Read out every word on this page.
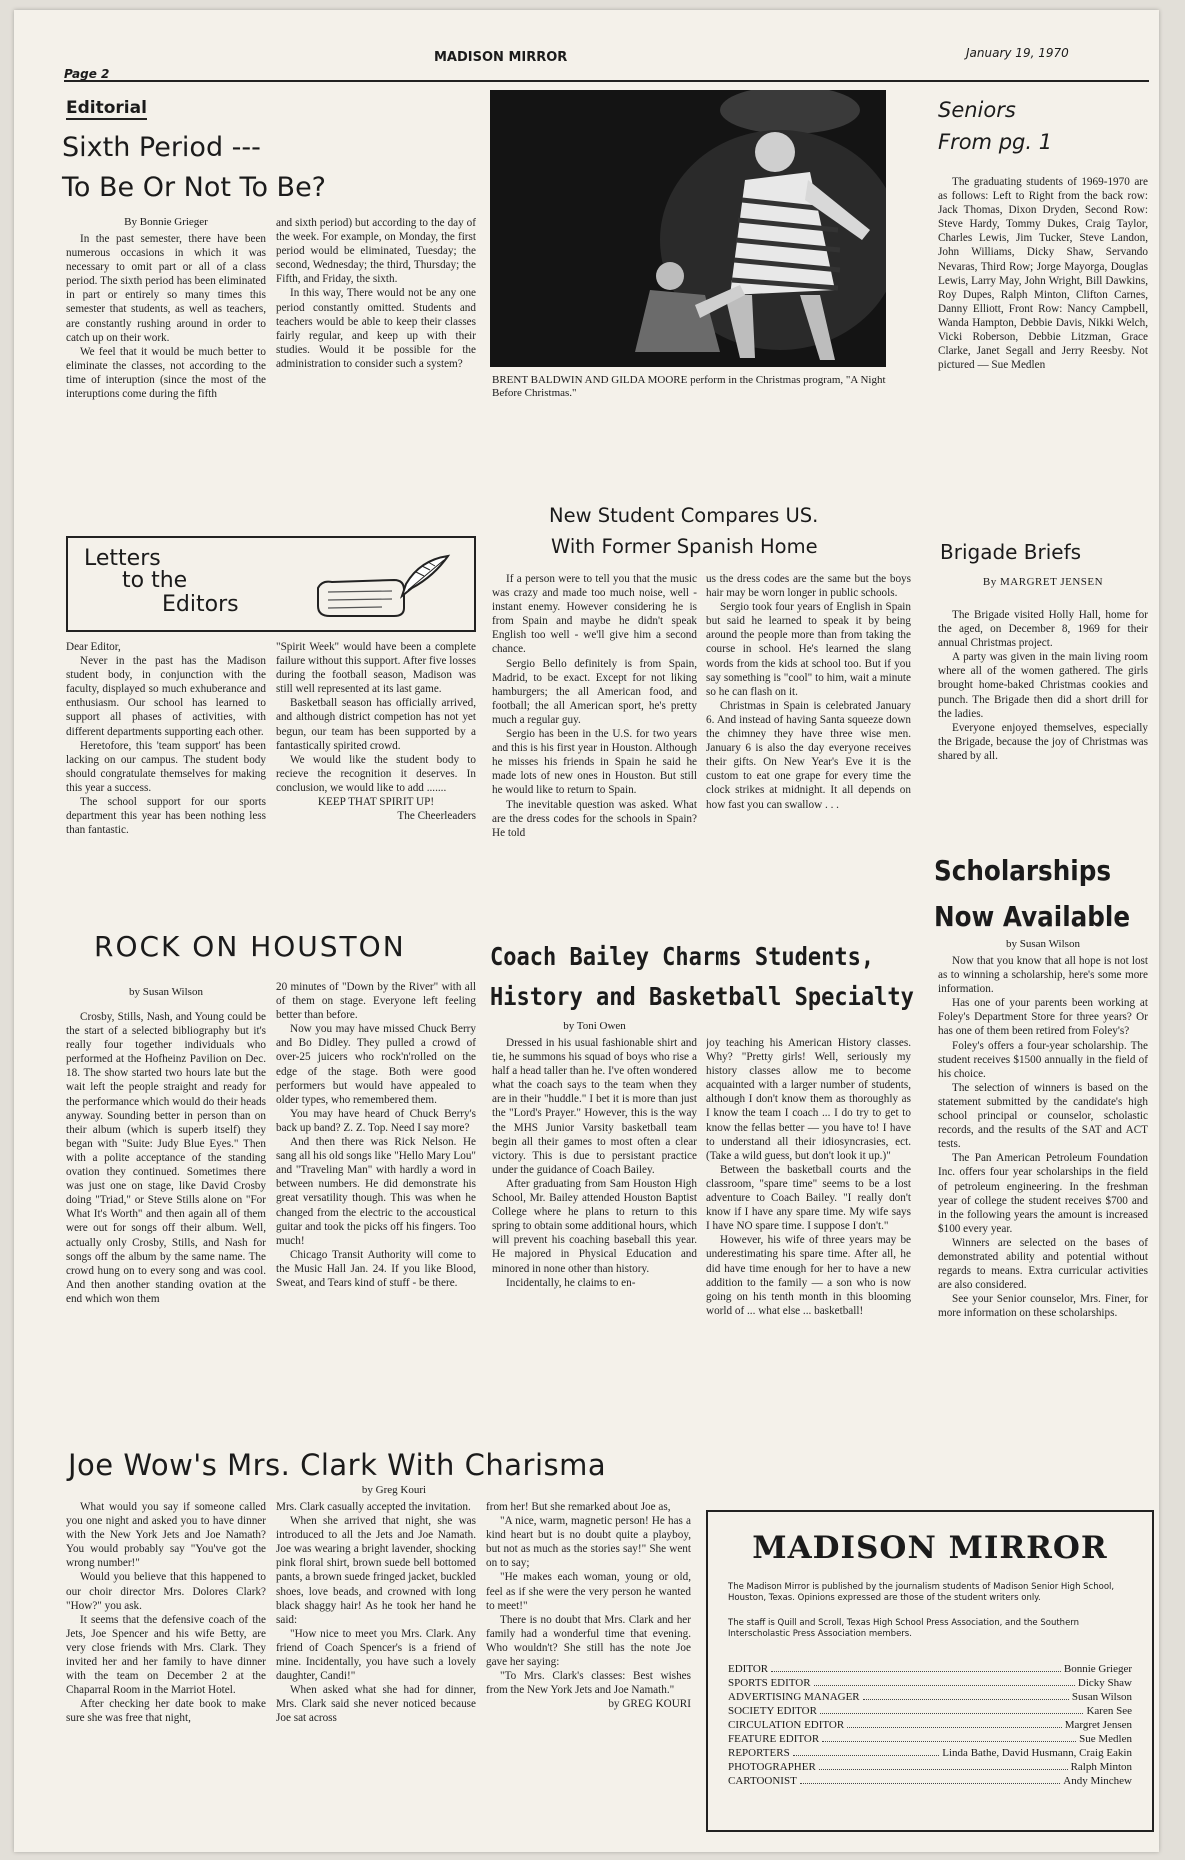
Page 2
MADISON MIRROR	January 19, 1970
Editorial
Sixth Period ---
To Be Or Not To Be?
By Bonnie Grieger

In the past semester, there have been numerous occasions in which it was necessary to omit part or all of a class period. The sixth period has been eliminated in part or entirely so many times this semester that students, as well as teachers, are constantly rushing around in order to catch up on their work.

We feel that it would be much better to eliminate the classes, not according to the time of interuption (since the most of the interuptions come during the fifth

and sixth period) but according to the day of the week. For example, on Monday, the first period would be eliminated, Tuesday; the second, Wednesday; the third, Thursday; the Fifth, and Friday, the sixth.

In this way, There would not be any one period constantly omitted. Students and teachers would be able to keep their classes fairly regular, and keep up with their studies. Would it be possible for the administration to consider such a system?

BRENT BALDWIN AND GILDA MOORE perform in the Christmas program, "A Night Before Christmas."
Seniors
From pg. 1

The graduating students of 1969-1970 are as follows: Left to Right from the back row: Jack Thomas, Dixon Dryden, Second Row: Steve Hardy, Tommy Dukes, Craig Taylor, Charles Lewis, Jim Tucker, Steve Landon, John Williams, Dicky Shaw, Servando Nevaras, Third Row; Jorge Mayorga, Douglas Lewis, Larry May, John Wright, Bill Dawkins, Roy Dupes, Ralph Minton, Clifton Carnes, Danny Elliott, Front Row: Nancy Campbell, Wanda Hampton, Debbie Davis, Nikki Welch, Vicki Roberson, Debbie Litzman, Grace Clarke, Janet Segall and Jerry Reesby. Not pictured — Sue Medlen

Letters
to the
Editors

Dear Editor,

Never in the past has the Madison student body, in conjunction with the faculty, displayed so much exhuberance and enthusiasm. Our school has learned to support all phases of activities, with different departments supporting each other.

Heretofore, this 'team support' has been lacking on our campus. The student body should congratulate themselves for making this year a success.

The school support for our sports department this year has been nothing less than fantastic.

"Spirit Week" would have been a complete failure without this support. After five losses during the football season, Madison was still well represented at its last game.

Basketball season has officially arrived, and although district competion has not yet begun, our team has been supported by a fantastically spirited crowd.

We would like the student body to recieve the recognition it deserves. In conclusion, we would like to add .......

KEEP THAT SPIRIT UP!

The Cheerleaders

New Student Compares US.
With Former Spanish Home

If a person were to tell you that the music was crazy and made too much noise, well - instant enemy. However considering he is from Spain and maybe he didn't speak English too well - we'll give him a second chance.

Sergio Bello definitely is from Spain, Madrid, to be exact. Except for not liking hamburgers; the all American food, and football; the all American sport, he's pretty much a regular guy.

Sergio has been in the U.S. for two years and this is his first year in Houston. Although he misses his friends in Spain he said he made lots of new ones in Houston. But still he would like to return to Spain.

The inevitable question was asked. What are the dress codes for the schools in Spain? He told

us the dress codes are the same but the boys hair may be worn longer in public schools.

Sergio took four years of English in Spain but said he learned to speak it by being around the people more than from taking the course in school. He's learned the slang words from the kids at school too. But if you say something is "cool" to him, wait a minute so he can flash on it.

Christmas in Spain is celebrated January 6. And instead of having Santa squeeze down the chimney they have three wise men. January 6 is also the day everyone receives their gifts. On New Year's Eve it is the custom to eat one grape for every time the clock strikes at midnight. It all depends on how fast you can swallow . . .

Brigade Briefs
By MARGRET JENSEN

The Brigade visited Holly Hall, home for the aged, on December 8, 1969 for their annual Christmas project.

A party was given in the main living room where all of the women gathered. The girls brought home-baked Christmas cookies and punch. The Brigade then did a short drill for the ladies.

Everyone enjoyed themselves, especially the Brigade, because the joy of Christmas was shared by all.

Scholarships
Now Available
by Susan Wilson

Now that you know that all hope is not lost as to winning a scholarship, here's some more information.

Has one of your parents been working at Foley's Department Store for three years? Or has one of them been retired from Foley's?

Foley's offers a four-year scholarship. The student receives $1500 annually in the field of his choice.

The selection of winners is based on the statement submitted by the candidate's high school principal or counselor, scholastic records, and the results of the SAT and ACT tests.

The Pan American Petroleum Foundation Inc. offers four year scholarships in the field of petroleum engineering. In the freshman year of college the student receives $700 and in the following years the amount is increased $100 every year.

Winners are selected on the bases of demonstrated ability and potential without regards to means. Extra curricular activities are also considered.

See your Senior counselor, Mrs. Finer, for more information on these scholarships.

ROCK ON HOUSTON
by Susan Wilson

Crosby, Stills, Nash, and Young could be the start of a selected bibliography but it's really four together individuals who performed at the Hofheinz Pavilion on Dec. 18. The show started two hours late but the wait left the people straight and ready for the performance which would do their heads anyway. Sounding better in person than on their album (which is superb itself) they began with "Suite: Judy Blue Eyes." Then with a polite acceptance of the standing ovation they continued. Sometimes there was just one on stage, like David Crosby doing "Triad," or Steve Stills alone on "For What It's Worth" and then again all of them were out for songs off their album. Well, actually only Crosby, Stills, and Nash for songs off the album by the same name. The crowd hung on to every song and was cool. And then another standing ovation at the end which won them

20 minutes of "Down by the River" with all of them on stage. Everyone left feeling better than before.

Now you may have missed Chuck Berry and Bo Didley. They pulled a crowd of over-25 juicers who rock'n'rolled on the edge of the stage. Both were good performers but would have appealed to older types, who remembered them.

You may have heard of Chuck Berry's back up band? Z. Z. Top. Need I say more?

And then there was Rick Nelson. He sang all his old songs like "Hello Mary Lou" and "Traveling Man" with hardly a word in between numbers. He did demonstrate his great versatility though. This was when he changed from the electric to the accoustical guitar and took the picks off his fingers. Too much!

Chicago Transit Authority will come to the Music Hall Jan. 24. If you like Blood, Sweat, and Tears kind of stuff - be there.

Coach Bailey Charms Students,
History and Basketball Specialty
by Toni Owen

Dressed in his usual fashionable shirt and tie, he summons his squad of boys who rise a half a head taller than he. I've often wondered what the coach says to the team when they are in their "huddle." I bet it is more than just the "Lord's Prayer." However, this is the way the MHS Junior Varsity basketball team begin all their games to most often a clear victory. This is due to persistant practice under the guidance of Coach Bailey.

After graduating from Sam Houston High School, Mr. Bailey attended Houston Baptist College where he plans to return to this spring to obtain some additional hours, which will prevent his coaching baseball this year. He majored in Physical Education and minored in none other than history.

Incidentally, he claims to en-

joy teaching his American History classes. Why? "Pretty girls! Well, seriously my history classes allow me to become acquainted with a larger number of students, although I don't know them as thoroughly as I know the team I coach ... I do try to get to know the fellas better — you have to! I have to understand all their idiosyncrasies, ect. (Take a wild guess, but don't look it up.)"

Between the basketball courts and the classroom, "spare time" seems to be a lost adventure to Coach Bailey. "I really don't know if I have any spare time. My wife says I have NO spare time. I suppose I don't."

However, his wife of three years may be underestimating his spare time. After all, he did have time enough for her to have a new addition to the family — a son who is now going on his tenth month in this blooming world of ... what else ... basketball!

Joe Wow's Mrs. Clark With Charisma
by Greg Kouri

What would you say if someone called you one night and asked you to have dinner with the New York Jets and Joe Namath? You would probably say "You've got the wrong number!"

Would you believe that this happened to our choir director Mrs. Dolores Clark? "How?" you ask.

It seems that the defensive coach of the Jets, Joe Spencer and his wife Betty, are very close friends with Mrs. Clark. They invited her and her family to have dinner with the team on December 2 at the Chaparral Room in the Marriot Hotel.

After checking her date book to make sure she was free that night,

Mrs. Clark casually accepted the invitation.

When she arrived that night, she was introduced to all the Jets and Joe Namath. Joe was wearing a bright lavender, shocking pink floral shirt, brown suede bell bottomed pants, a brown suede fringed jacket, buckled shoes, love beads, and crowned with long black shaggy hair! As he took her hand he said:

"How nice to meet you Mrs. Clark. Any friend of Coach Spencer's is a friend of mine. Incidentally, you have such a lovely daughter, Candi!"

When asked what she had for dinner, Mrs. Clark said she never noticed because Joe sat across

from her! But she remarked about Joe as,

"A nice, warm, magnetic person! He has a kind heart but is no doubt quite a playboy, but not as much as the stories say!" She went on to say;

"He makes each woman, young or old, feel as if she were the very person he wanted to meet!"

There is no doubt that Mrs. Clark and her family had a wonderful time that evening. Who wouldn't? She still has the note Joe gave her saying:

"To Mrs. Clark's classes: Best wishes from the New York Jets and Joe Namath."

by GREG KOURI

MADISON MIRROR
The Madison Mirror is published by the journalism students of Madison Senior High School, Houston, Texas. Opinions expressed are those of the student writers only.
The staff is Quill and Scroll, Texas High School Press Association, and the Southern Interscholastic Press Association members.
EDITOR	Bonnie Grieger
SPORTS EDITOR	Dicky Shaw
ADVERTISING MANAGER	Susan Wilson
SOCIETY EDITOR	Karen See
CIRCULATION EDITOR	Margret Jensen
FEATURE EDITOR	Sue Medlen
REPORTERS	Linda Bathe, David Husmann, Craig Eakin
PHOTOGRAPHER	Ralph Minton
CARTOONIST	Andy Minchew
